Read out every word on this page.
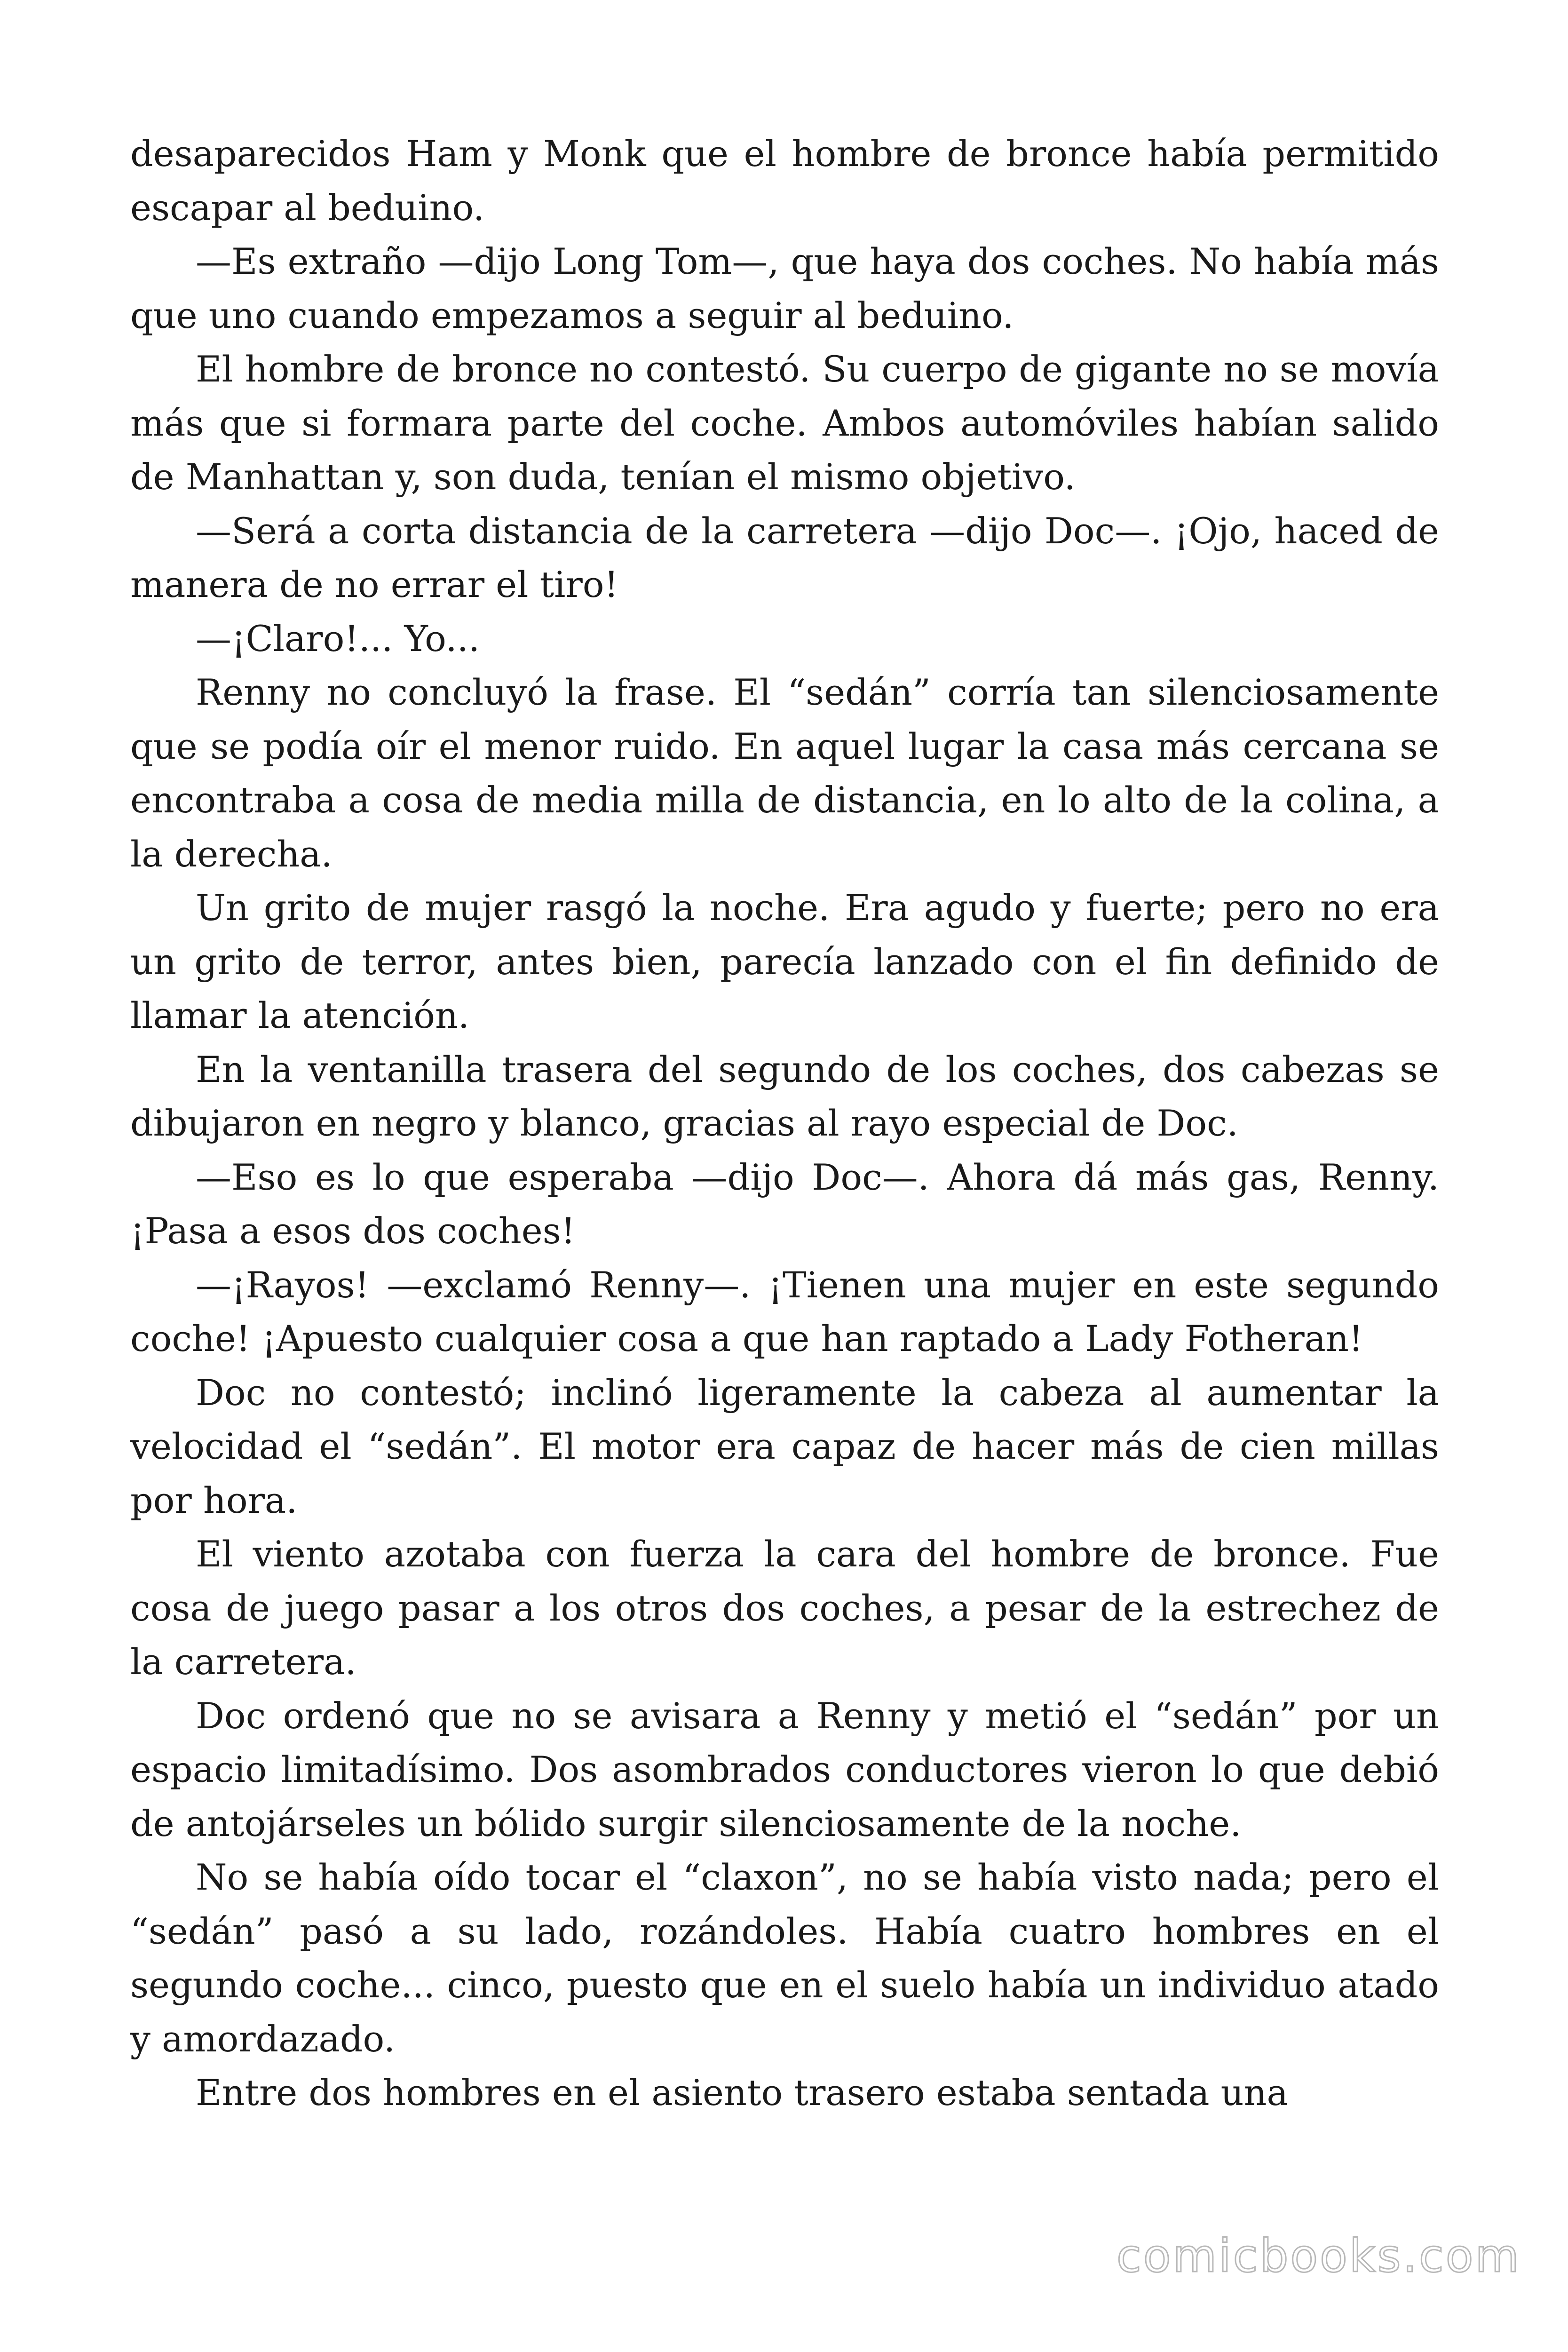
desaparecidos Ham y Monk que el hombre de bronce había permitido escapar al beduino.

—Es extraño —dijo Long Tom—, que haya dos coches. No había más que uno cuando empezamos a seguir al beduino.

El hombre de bronce no contestó. Su cuerpo de gigante no se movía más que si formara parte del coche. Ambos automóviles habían salido de Manhattan y, son duda, tenían el mismo objetivo.

—Será a corta distancia de la carretera —dijo Doc—. ¡Ojo, haced de manera de no errar el tiro!

—¡Claro!... Yo...

Renny no concluyó la frase. El “sedán” corría tan silenciosamente que se podía oír el menor ruido. En aquel lugar la casa más cercana se encontraba a cosa de media milla de distancia, en lo alto de la colina, a la derecha.

Un grito de mujer rasgó la noche. Era agudo y fuerte; pero no era un grito de terror, antes bien, parecía lanzado con el fin definido de llamar la atención.

En la ventanilla trasera del segundo de los coches, dos cabezas se dibujaron en negro y blanco, gracias al rayo especial de Doc.

—Eso es lo que esperaba —dijo Doc—. Ahora dá más gas, Renny. ¡Pasa a esos dos coches!

—¡Rayos! —exclamó Renny—. ¡Tienen una mujer en este segundo coche! ¡Apuesto cualquier cosa a que han raptado a Lady Fotheran!

Doc no contestó; inclinó ligeramente la cabeza al aumentar la velocidad el “sedán”. El motor era capaz de hacer más de cien millas por hora.

El viento azotaba con fuerza la cara del hombre de bronce. Fue cosa de juego pasar a los otros dos coches, a pesar de la estrechez de la carretera.

Doc ordenó que no se avisara a Renny y metió el “sedán” por un espacio limitadísimo. Dos asombrados conductores vieron lo que debió de antojárseles un bólido surgir silenciosamente de la noche.

No se había oído tocar el “claxon”, no se había visto nada; pero el “sedán” pasó a su lado, rozándoles. Había cuatro hombres en el segundo coche... cinco, puesto que en el suelo había un individuo atado y amordazado.

Entre dos hombres en el asiento trasero estaba sentada una

comicbooks.com
